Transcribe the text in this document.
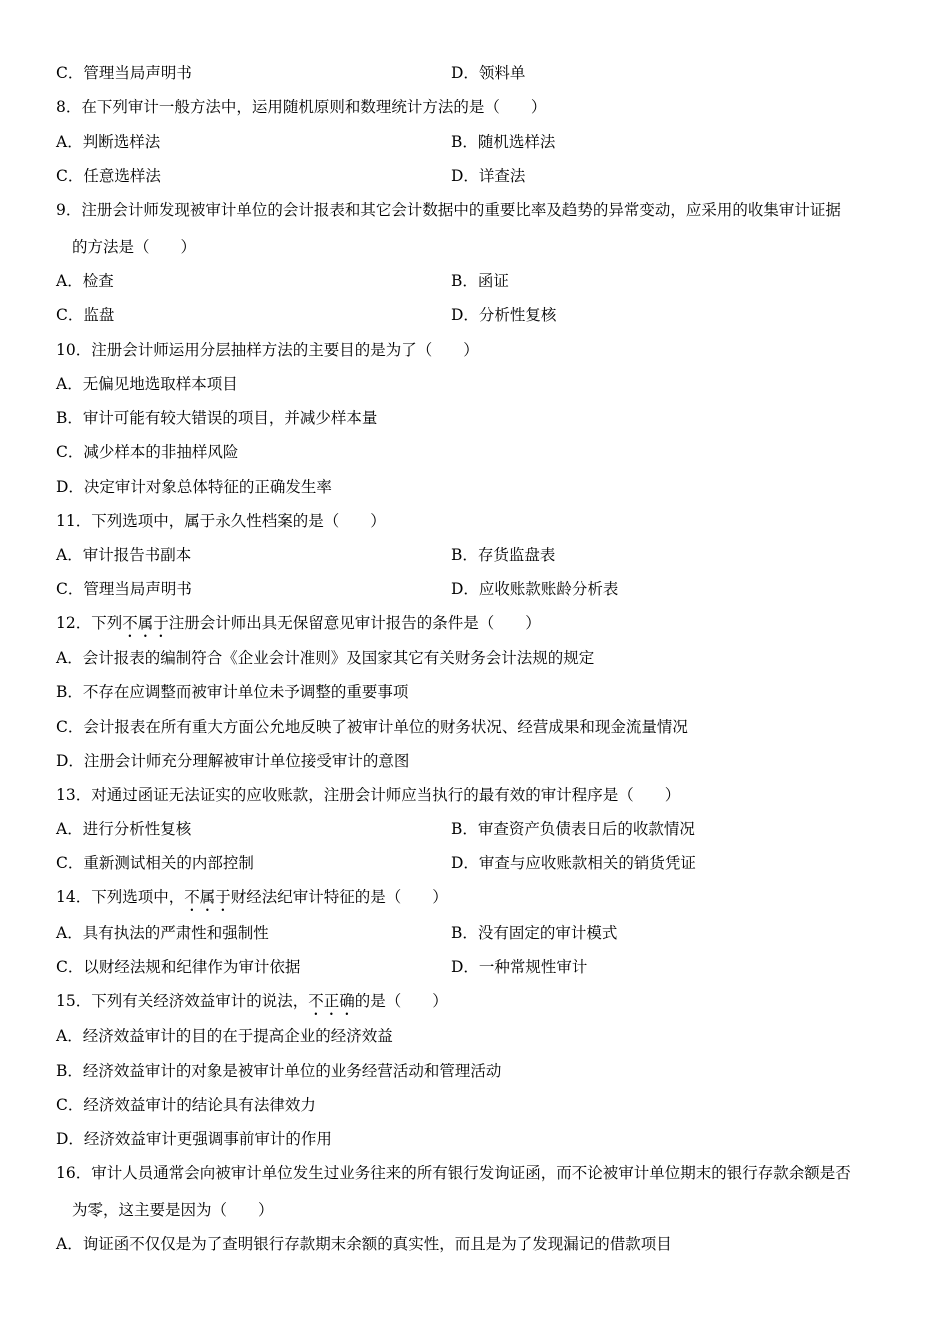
C．管理当局声明书	D．领料单
8．在下列审计一般方法中，运用随机原则和数理统计方法的是（　　）
A．判断选样法	B．随机选样法
C．任意选样法	D．详查法
9．注册会计师发现被审计单位的会计报表和其它会计数据中的重要比率及趋势的异常变动，应采用的收集审计证据
的方法是（　　）
A．检查	B．函证
C．监盘	D．分析性复核
10．注册会计师运用分层抽样方法的主要目的是为了（　　）
A．无偏见地选取样本项目
B．审计可能有较大错误的项目，并减少样本量
C．减少样本的非抽样风险
D．决定审计对象总体特征的正确发生率
11．下列选项中，属于永久性档案的是（　　）
A．审计报告书副本	B．存货监盘表
C．管理当局声明书	D．应收账款账龄分析表
12．下列不属于注册会计师出具无保留意见审计报告的条件是（　　）
A．会计报表的编制符合《企业会计准则》及国家其它有关财务会计法规的规定
B．不存在应调整而被审计单位未予调整的重要事项
C．会计报表在所有重大方面公允地反映了被审计单位的财务状况、经营成果和现金流量情况
D．注册会计师充分理解被审计单位接受审计的意图
13．对通过函证无法证实的应收账款，注册会计师应当执行的最有效的审计程序是（　　）
A．进行分析性复核	B．审查资产负债表日后的收款情况
C．重新测试相关的内部控制	D．审查与应收账款相关的销货凭证
14．下列选项中，不属于财经法纪审计特征的是（　　）
A．具有执法的严肃性和强制性	B．没有固定的审计模式
C．以财经法规和纪律作为审计依据	D．一种常规性审计
15．下列有关经济效益审计的说法，不正确的是（　　）
A．经济效益审计的目的在于提高企业的经济效益
B．经济效益审计的对象是被审计单位的业务经营活动和管理活动
C．经济效益审计的结论具有法律效力
D．经济效益审计更强调事前审计的作用
16．审计人员通常会向被审计单位发生过业务往来的所有银行发询证函，而不论被审计单位期末的银行存款余额是否
为零，这主要是因为（　　）
A．询证函不仅仅是为了查明银行存款期末余额的真实性，而且是为了发现漏记的借款项目
